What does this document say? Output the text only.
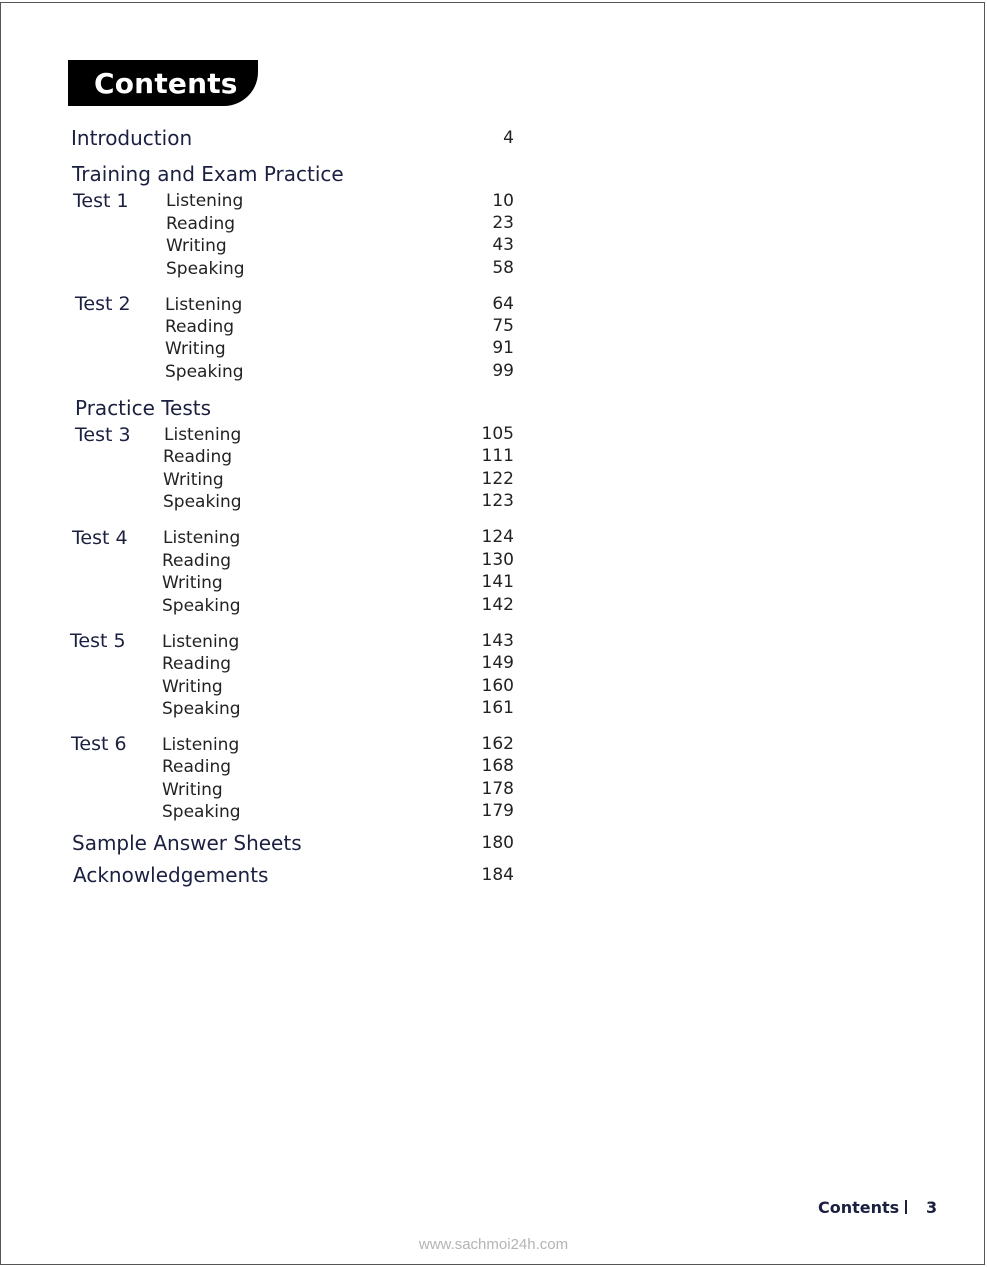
Contents
Introduction	4
Training and Exam Practice
Test 1 Listening	10
Reading	23
Writing	43
Speaking	58
Test 2 Listening	64
Reading	75
Writing	91
Speaking	99
Practice Tests
Test 3 Listening	105
Reading	111
Writing	122
Speaking	123
Test 4 Listening	124
Reading	130
Writing	141
Speaking	142
Test 5 Listening	143
Reading	149
Writing	160
Speaking	161
Test 6 Listening	162
Reading	168
Writing	178
Speaking	179
Sample Answer Sheets	180
Acknowledgements	184
Contents 3
www.sachmoi24h.com
